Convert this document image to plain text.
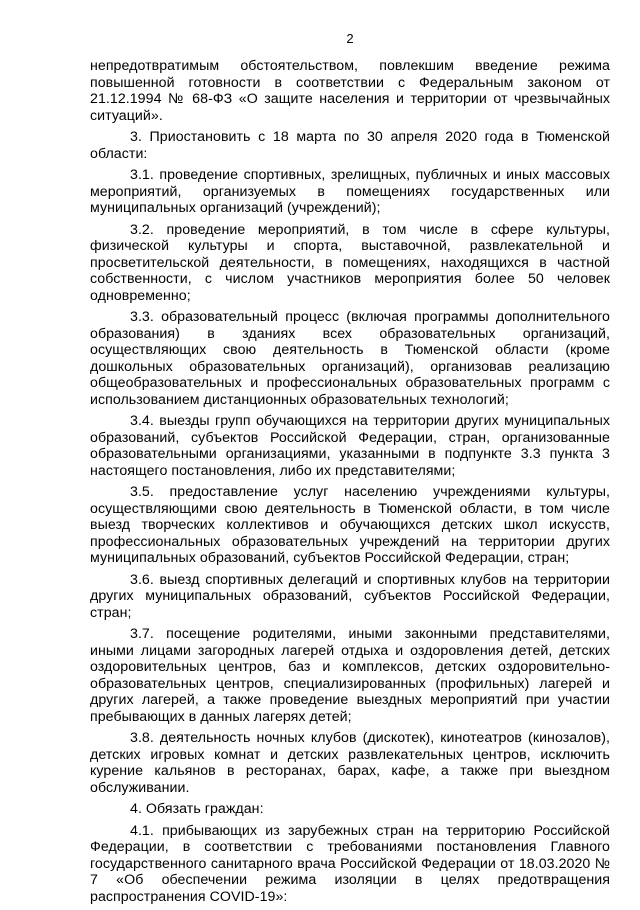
2

непредотвратимым обстоятельством, повлекшим введение режима повышенной готовности в соответствии с Федеральным законом от 21.12.1994 № 68-ФЗ «О защите населения и территории от чрезвычайных ситуаций».

3. Приостановить с 18 марта по 30 апреля 2020 года в Тюменской области:

3.1. проведение спортивных, зрелищных, публичных и иных массовых мероприятий, организуемых в помещениях государственных или муниципальных организаций (учреждений);

3.2. проведение мероприятий, в том числе в сфере культуры, физической культуры и спорта, выставочной, развлекательной и просветительской деятельности, в помещениях, находящихся в частной собственности, с числом участников мероприятия более 50 человек одновременно;

3.3. образовательный процесс (включая программы дополнительного образования) в зданиях всех образовательных организаций, осуществляющих свою деятельность в Тюменской области (кроме дошкольных образовательных организаций), организовав реализацию общеобразовательных и профессиональных образовательных программ с использованием дистанционных образовательных технологий;

3.4. выезды групп обучающихся на территории других муниципальных образований, субъектов Российской Федерации, стран, организованные образовательными организациями, указанными в подпункте 3.3 пункта 3 настоящего постановления, либо их представителями;

3.5. предоставление услуг населению учреждениями культуры, осуществляющими свою деятельность в Тюменской области, в том числе выезд творческих коллективов и обучающихся детских школ искусств, профессиональных образовательных учреждений на территории других муниципальных образований, субъектов Российской Федерации, стран;

3.6. выезд спортивных делегаций и спортивных клубов на территории других муниципальных образований, субъектов Российской Федерации, стран;

3.7. посещение родителями, иными законными представителями, иными лицами загородных лагерей отдыха и оздоровления детей, детских оздоровительных центров, баз и комплексов, детских оздоровительно-образовательных центров, специализированных (профильных) лагерей и других лагерей, а также проведение выездных мероприятий при участии пребывающих в данных лагерях детей;

3.8. деятельность ночных клубов (дискотек), кинотеатров (кинозалов), детских игровых комнат и детских развлекательных центров, исключить курение кальянов в ресторанах, барах, кафе, а также при выездном обслуживании.

4. Обязать граждан:

4.1. прибывающих из зарубежных стран на территорию Российской Федерации, в соответствии с требованиями постановления Главного государственного санитарного врача Российской Федерации от 18.03.2020 № 7 «Об обеспечении режима изоляции в целях предотвращения распространения COVID-19»:
